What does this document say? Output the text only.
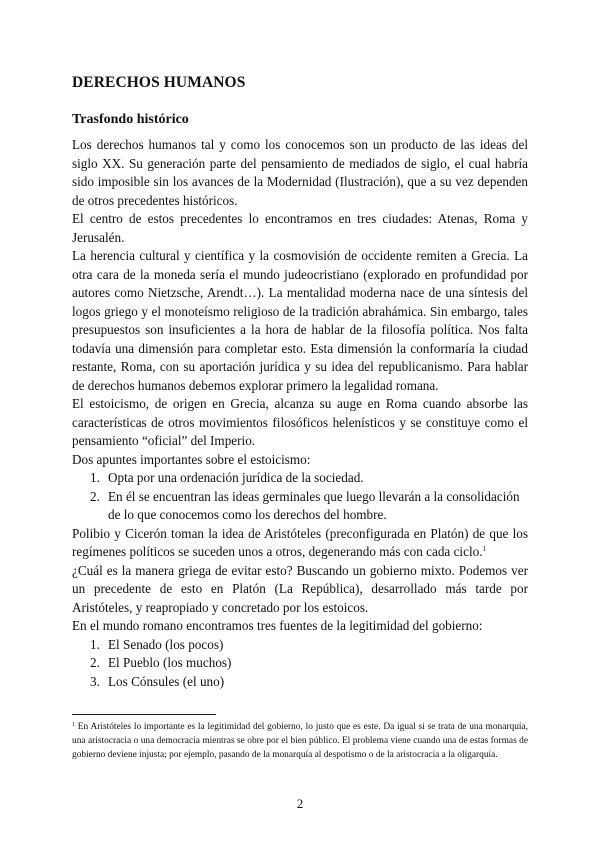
DERECHOS HUMANOS
Trasfondo histórico

Los derechos humanos tal y como los conocemos son un producto de las ideas del siglo XX. Su generación parte del pensamiento de mediados de siglo, el cual habría sido imposible sin los avances de la Modernidad (Ilustración), que a su vez dependen de otros precedentes históricos.

El centro de estos precedentes lo encontramos en tres ciudades: Atenas, Roma y Jerusalén.

La herencia cultural y científica y la cosmovisión de occidente remiten a Grecia. La otra cara de la moneda sería el mundo judeocristiano (explorado en profundidad por autores como Nietzsche, Arendt…). La mentalidad moderna nace de una síntesis del logos griego y el monoteísmo religioso de la tradición abrahámica. Sin embargo, tales presupuestos son insuficientes a la hora de hablar de la filosofía política. Nos falta todavía una dimensión para completar esto. Esta dimensión la conformaría la ciudad restante, Roma, con su aportación jurídica y su idea del republicanismo. Para hablar de derechos humanos debemos explorar primero la legalidad romana.

El estoicismo, de origen en Grecia, alcanza su auge en Roma cuando absorbe las características de otros movimientos filosóficos helenísticos y se constituye como el pensamiento “oficial” del Imperio.

Dos apuntes importantes sobre el estoicismo:

1. Opta por una ordenación jurídica de la sociedad.
2. En él se encuentran las ideas germinales que luego llevarán a la consolidación de lo que conocemos como los derechos del hombre.

Polibio y Cicerón toman la idea de Aristóteles (preconfigurada en Platón) de que los regímenes políticos se suceden unos a otros, degenerando más con cada ciclo.$^1$

¿Cuál es la manera griega de evitar esto? Buscando un gobierno mixto. Podemos ver un precedente de esto en Platón (La República), desarrollado más tarde por Aristóteles, y reapropiado y concretado por los estoicos.

En el mundo romano encontramos tres fuentes de la legitimidad del gobierno:

1. El Senado (los pocos)
2. El Pueblo (los muchos)
3. Los Cónsules (el uno)
$^1$ En Aristóteles lo importante es la legitimidad del gobierno, lo justo que es este. Da igual si se trata de una monarquía, una aristocracia o una democracia mientras se obre por el bien público. El problema viene cuando una de estas formas de gobierno deviene injusta; por ejemplo, pasando de la monarquía al despotismo o de la aristocracia a la oligarquía.
2
